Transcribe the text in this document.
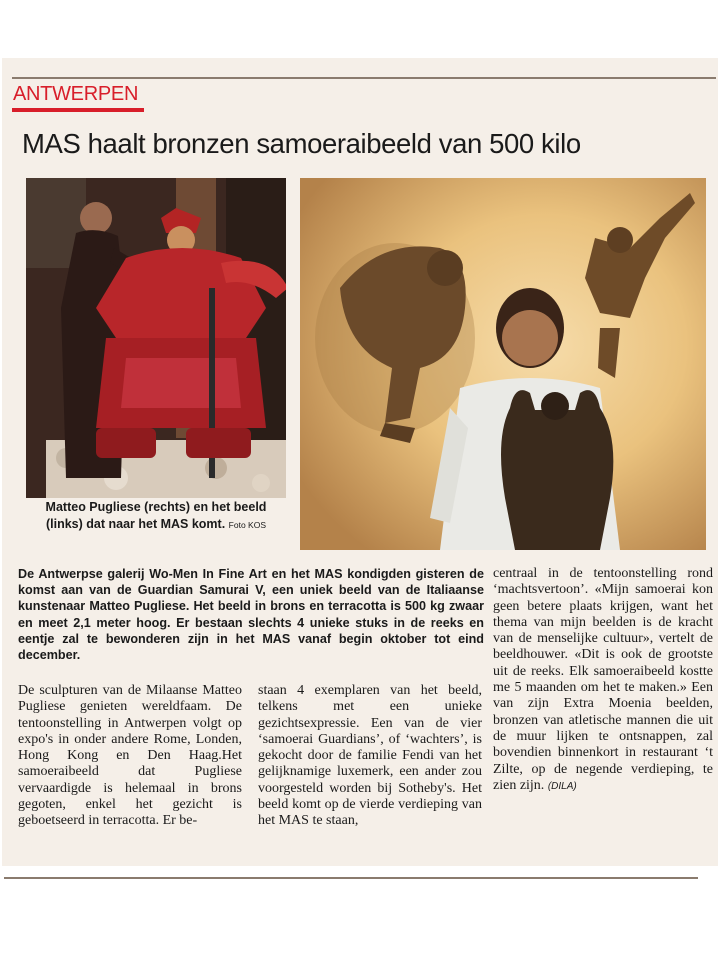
ANTWERPEN
MAS haalt bronzen samoeraibeeld van 500 kilo
Matteo Pugliese (rechts) en het beeld (links) dat naar het MAS komt. Foto KOS
De Antwerpse galerij Wo-Men In Fine Art en het MAS kondigden gisteren de komst aan van de Guardian Samurai V, een uniek beeld van de Italiaanse kunstenaar Matteo Pugliese. Het beeld in brons en terracotta is 500 kg zwaar en meet 2,1 meter hoog. Er bestaan slechts 4 unieke stuks in de reeks en eentje zal te bewonderen zijn in het MAS vanaf begin oktober tot eind december.
De sculpturen van de Milaanse Matteo Pugliese genieten wereldfaam. De tentoonstelling in Antwerpen volgt op expo's in onder andere Rome, Londen, Hong Kong en Den Haag.Het samoeraibeeld dat Pugliese vervaardigde is helemaal in brons gegoten, enkel het gezicht is geboetseerd in terracotta. Er be-
staan 4 exemplaren van het beeld, telkens met een unieke gezichtsexpressie. Een van de vier ‘samoerai Guardians’, of ‘wachters’, is gekocht door de familie Fendi van het gelijknamige luxemerk, een ander zou voorgesteld worden bij Sotheby's. Het beeld komt op de vierde verdieping van het MAS te staan,
centraal in de tentoonstelling rond ‘machtsvertoon’. «Mijn samoerai kon geen betere plaats krijgen, want het thema van mijn beelden is de kracht van de menselijke cultuur», vertelt de beeldhouwer. «Dit is ook de grootste uit de reeks. Elk samoeraibeeld kostte me 5 maanden om het te maken.» Een van zijn Extra Moenia beelden, bronzen van atletische mannen die uit de muur lijken te ontsnappen, zal bovendien binnenkort in restaurant ‘t Zilte, op de negende verdieping, te zien zijn. (DILA)
